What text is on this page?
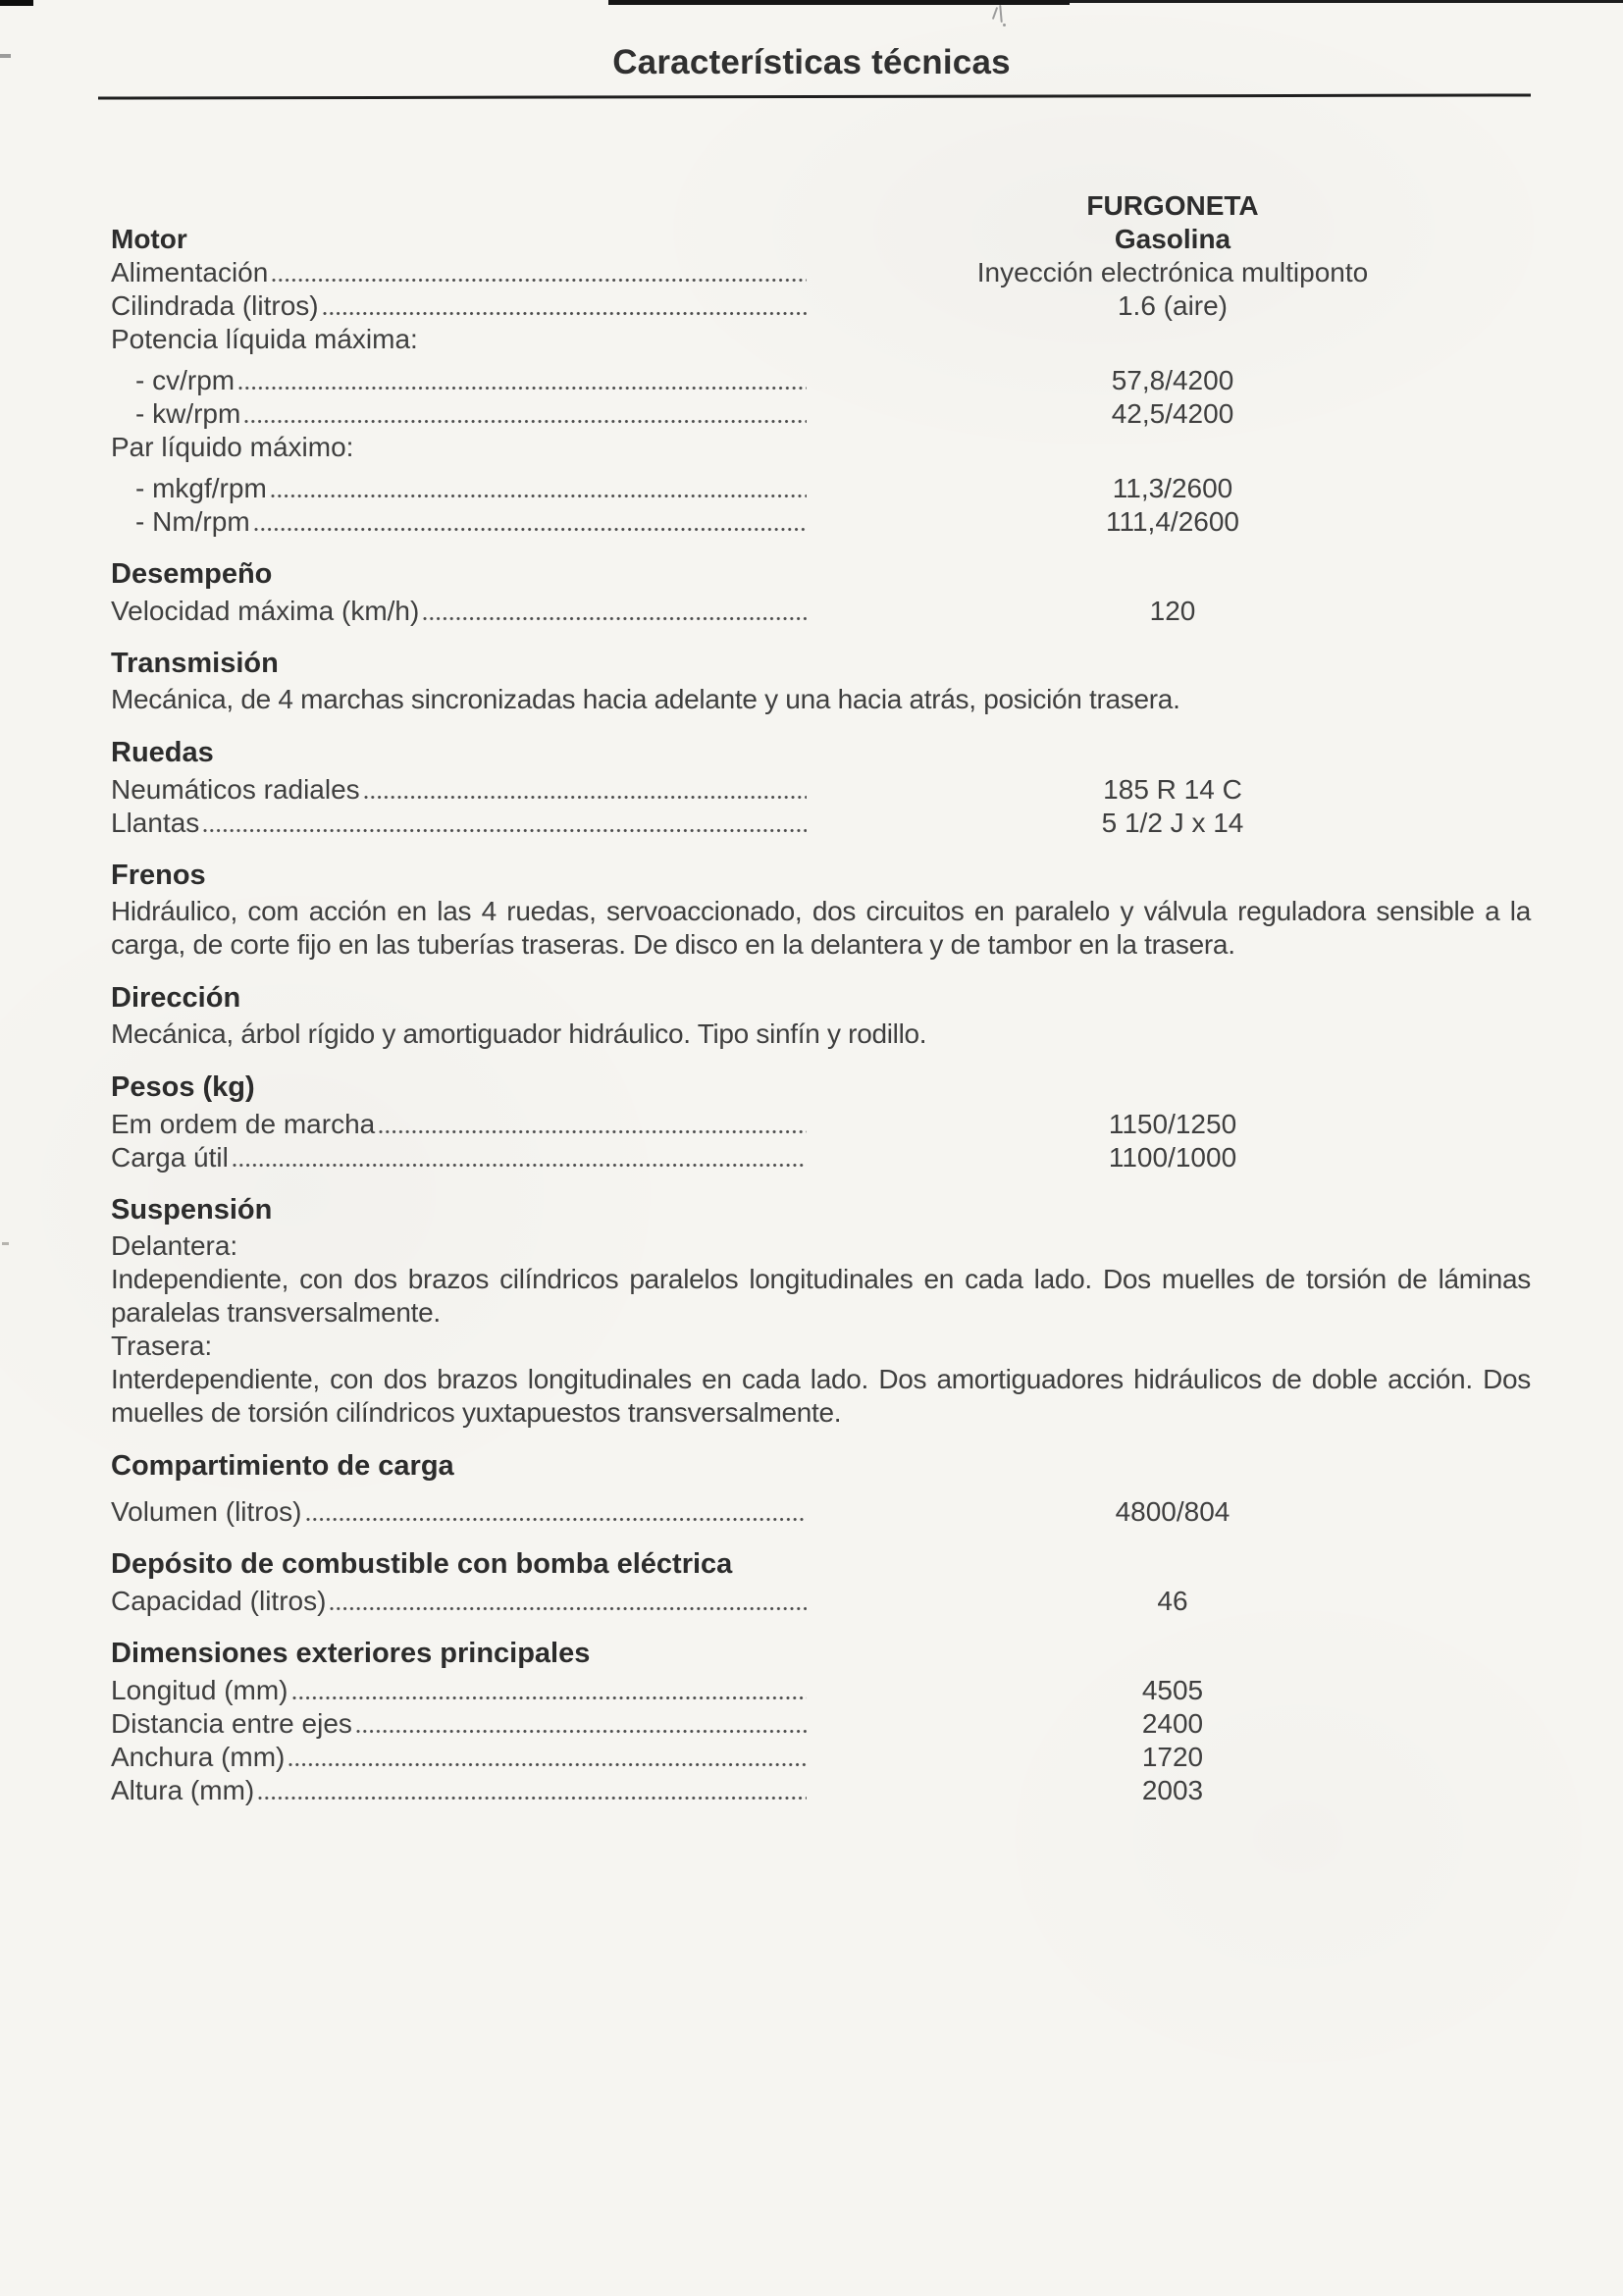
Características técnicas
FURGONETA
Motor	Gasolina
Alimentación	Inyección electrónica multiponto
Cilindrada (litros)	1.6 (aire)
Potencia líquida máxima:
- cv/rpm	57,8/4200
- kw/rpm	42,5/4200
Par líquido máximo:
- mkgf/rpm	11,3/2600
- Nm/rpm	111,4/2600
Desempeño
Velocidad máxima (km/h)	120
Transmisión
Mecánica, de 4 marchas sincronizadas hacia adelante y una hacia atrás, posición trasera.
Ruedas
Neumáticos radiales	185 R 14 C
Llantas	5 1/2 J x 14
Frenos
Hidráulico, com acción en las 4 ruedas, servoaccionado, dos circuitos en paralelo y válvula reguladora sensible a la carga, de corte fijo en las tuberías traseras. De disco en la delantera y de tambor en la trasera.
Dirección
Mecánica, árbol rígido y amortiguador hidráulico. Tipo sinfín y rodillo.
Pesos (kg)
Em ordem de marcha	1150/1250
Carga útil	1100/1000
Suspensión
Delantera:
Independiente, con dos brazos cilíndricos paralelos longitudinales en cada lado. Dos muelles de torsión de láminas paralelas transversalmente.
Trasera:
Interdependiente, con dos brazos longitudinales en cada lado. Dos amortiguadores hidráulicos de doble acción. Dos muelles de torsión cilíndricos yuxtapuestos transversalmente.
Compartimiento de carga
Volumen (litros)	4800/804
Depósito de combustible con bomba eléctrica
Capacidad (litros)	46
Dimensiones exteriores principales
Longitud (mm)	4505
Distancia entre ejes	2400
Anchura (mm)	1720
Altura (mm)	2003
